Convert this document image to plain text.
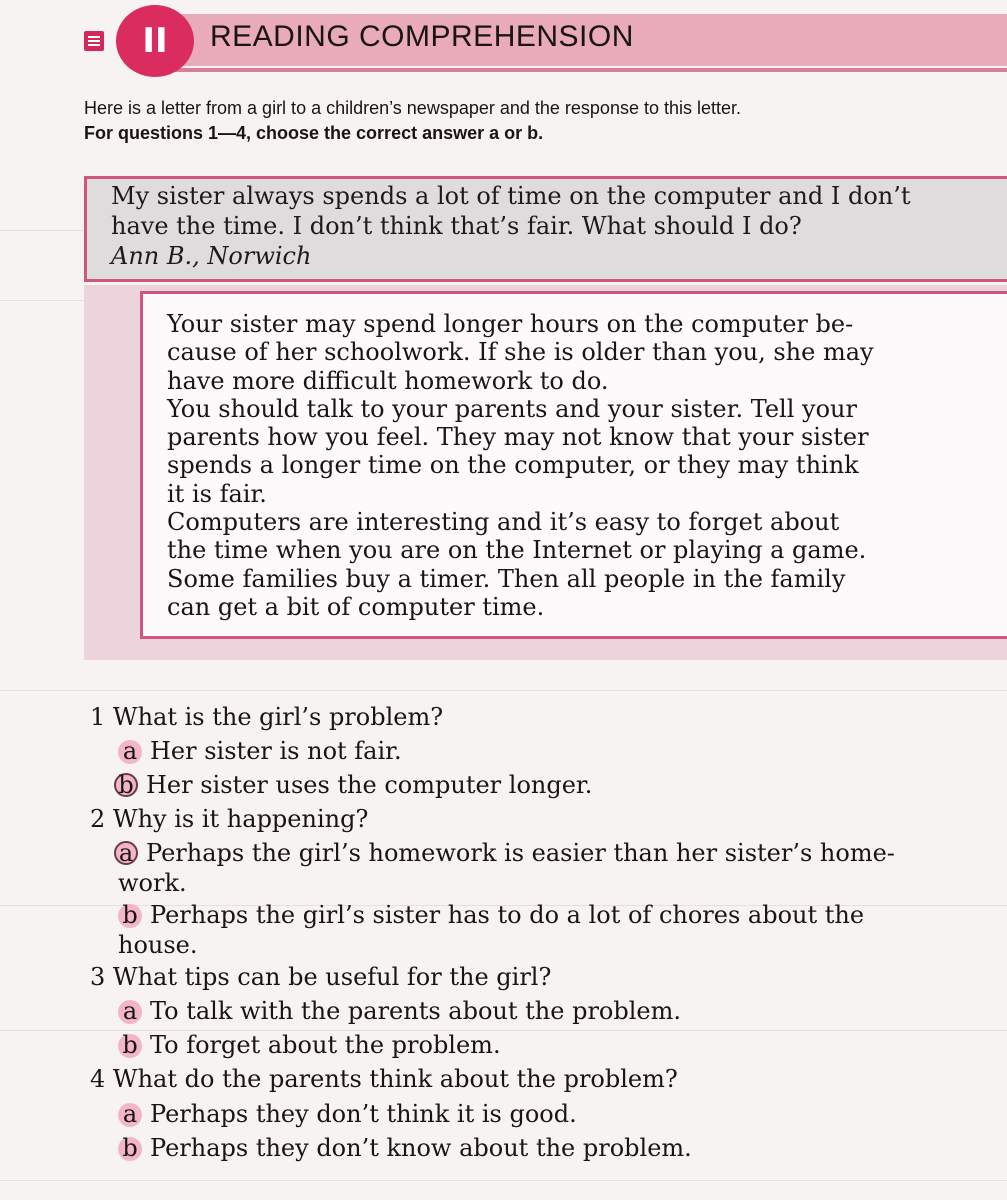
II	READING COMPREHENSION
Here is a letter from a girl to a children’s newspaper and the response to this letter.
For questions 1—4, choose the correct answer a or b.

My sister always spends a lot of time on the computer and I don’t
have the time. I don’t think that’s fair. What should I do?
Ann B., Norwich

Your sister may spend longer hours on the computer be-
cause of her schoolwork. If she is older than you, she may
have more difficult homework to do.
You should talk to your parents and your sister. Tell your
parents how you feel. They may not know that your sister
spends a longer time on the computer, or they may think
it is fair.
Computers are interesting and it’s easy to forget about
the time when you are on the Internet or playing a game.
Some families buy a timer. Then all people in the family
can get a bit of computer time.

1 What is the girl’s problem?
a Her sister is not fair.
b Her sister uses the computer longer.
2 Why is it happening?
a Perhaps the girl’s homework is easier than her sister’s home-
work.
b Perhaps the girl’s sister has to do a lot of chores about the
house.
3 What tips can be useful for the girl?
a To talk with the parents about the problem.
b To forget about the problem.
4 What do the parents think about the problem?
a Perhaps they don’t think it is good.
b Perhaps they don’t know about the problem.
